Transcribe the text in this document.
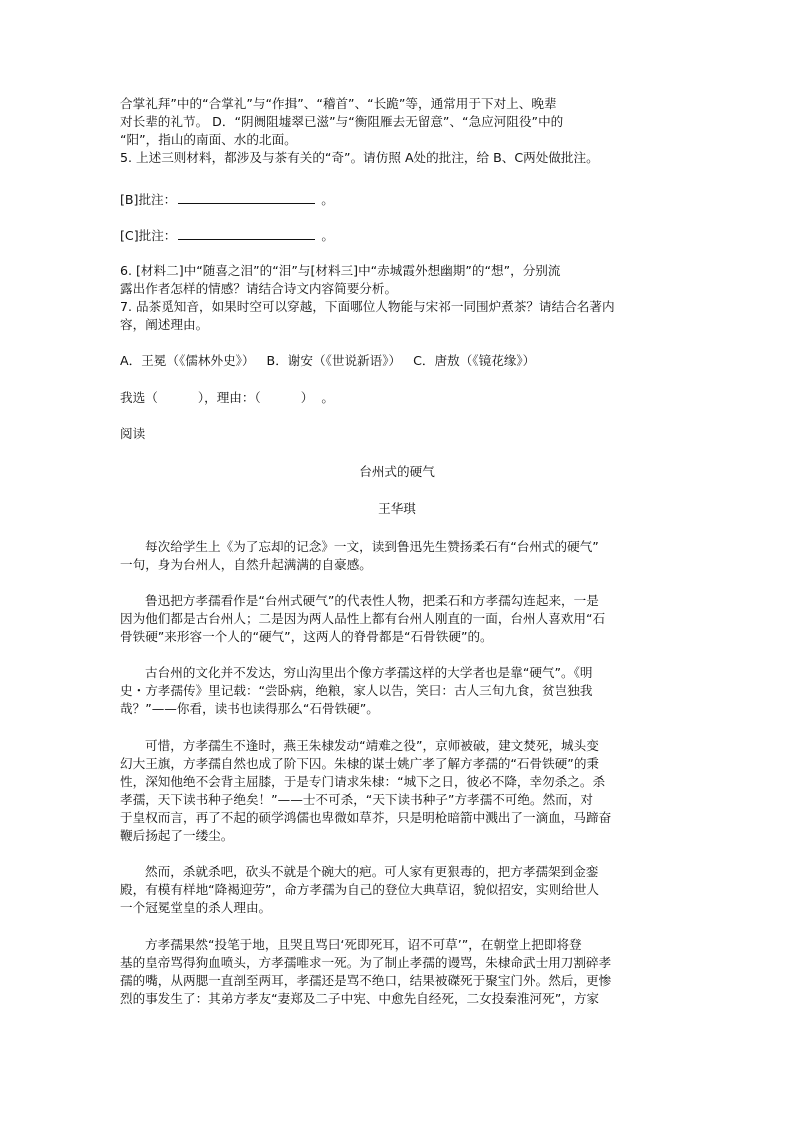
合掌礼拜”中的“合掌礼”与“作揖”、“稽首”、“长跪”等，通常用于下对上、晚辈
对长辈的礼节。 D．“阴阓阻墟翠已滋”与“衡阻雁去无留意”、“急应河阻役”中的
“阳”，指山的南面、水的北面。
5. 上述三则材料，都涉及与茶有关的“奇”。请仿照 A处的批注，给 B、C两处做批注。
[B]批注：	。
[C]批注：	。
6. [材料二]中“随喜之泪”的“泪”与[材料三]中“赤城霞外想幽期”的“想”，分别流
露出作者怎样的情感？请结合诗文内容简要分析。
7. 品茶觅知音，如果时空可以穿越，下面哪位人物能与宋祁一同围炉煮茶？请结合名著内
容，阐述理由。
A．王冕（《儒林外史》）   B．谢安（《世说新语》）   C．唐敖（《镜花缘》）
我选（          ），理由：（          ）  。
阅读
台州式的硬气
王华琪
每次给学生上《为了忘却的记念》一文，读到鲁迅先生赞扬柔石有“台州式的硬气”
一句，身为台州人，自然升起满满的自豪感。
鲁迅把方孝孺看作是“台州式硬气”的代表性人物，把柔石和方孝孺勾连起来，一是
因为他们都是古台州人；二是因为两人品性上都有台州人刚直的一面，台州人喜欢用“石
骨铁硬”来形容一个人的“硬气”，这两人的脊骨都是“石骨铁硬”的。
古台州的文化并不发达，穷山沟里出个像方孝孺这样的大学者也是靠“硬气”。《明
史・方孝孺传》里记载：“尝卧病，绝粮，家人以告，笑曰：古人三旬九食，贫岂独我
哉？”——你看，读书也读得那么“石骨铁硬”。
可惜，方孝孺生不逢时，燕王朱棣发动“靖难之役”，京师被破，建文焚死，城头变
幻大王旗，方孝孺自然也成了阶下囚。朱棣的谋士姚广孝了解方孝孺的“石骨铁硬”的秉
性，深知他绝不会背主屈膝，于是专门请求朱棣：“城下之日，彼必不降，幸勿杀之。杀
孝孺，天下读书种子绝矣！”——士不可杀，“天下读书种子”方孝孺不可绝。然而，对
于皇权而言，再了不起的硕学鸿儒也卑微如草芥，只是明枪暗箭中溅出了一滴血，马蹄奋
鞭后扬起了一缕尘。
然而，杀就杀吧，砍头不就是个碗大的疤。可人家有更狠毒的，把方孝孺架到金銮
殿，有模有样地“降褐迎劳”，命方孝孺为自己的登位大典草诏，貌似招安，实则给世人
一个冠冕堂皇的杀人理由。
方孝孺果然“投笔于地，且哭且骂曰‘死即死耳，诏不可草’”，在朝堂上把即将登
基的皇帝骂得狗血喷头，方孝孺唯求一死。为了制止孝孺的谩骂，朱棣命武士用刀割碎孝
孺的嘴，从两腮一直剖至两耳，孝孺还是骂不绝口，结果被磔死于聚宝门外。然后，更惨
烈的事发生了：其弟方孝友“妻郑及二子中宪、中愈先自经死，二女投秦淮河死”，方家
